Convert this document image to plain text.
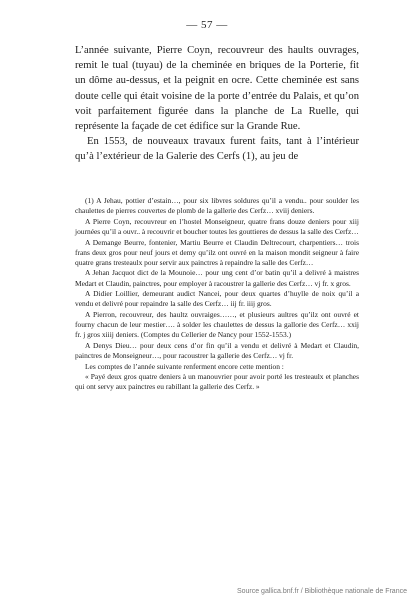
— 57 —

L’année suivante, Pierre Coyn, recouvreur des haults ouvrages, remit le tual (tuyau) de la cheminée en briques de la Porterie, fit un dôme au-dessus, et la peignit en ocre. Cette cheminée est sans doute celle qui était voisine de la porte d’entrée du Palais, et qu’on voit parfaitement figurée dans la planche de La Ruelle, qui représente la façade de cet édifice sur la Grande Rue.

En 1553, de nouveaux travaux furent faits, tant à l’intérieur qu’à l’extérieur de la Galerie des Cerfs (1), au jeu de

(1) A Jehau, pottier d’estain…, pour six libvres soldures qu’il a vendu.. pour soulder les chaulettes de pierres couvertes de plomb de la gallerie des Cerfz… xviij deniers.

A Pierre Coyn, recouvreur en l’hostel Monseigneur, quatre frans douze deniers pour xiij journées qu’il a ouvr.. à recouvrir et boucher toutes les gouttieres de dessus la salle des Cerfz…

A Demange Beurre, fontenier, Martiu Beurre et Claudin Deltrecourt, charpentiers… trois frans deux gros pour neuf jours et demy qu’ilz ont ouvré en la maison mondit seigneur à faire quatre grans tresteaulx pour servir aux painctres à repaindre la salle des Cerfz…

A Jehan Jacquot dict de la Mounoie… pour ung cent d’or batin qu’il a delivré à maistres Medart et Claudin, painctres, pour employer à racoustrer la gallerie des Cerfz… vj fr. x gros.

A Didier Loillier, demeurant audict Nancei, pour deux quartes d’huylle de noix qu’il a vendu et delivré pour repaindre la salle des Cerfz… iij fr. iiij gros.

A Pierron, recouvreur, des haultz ouvraiges……, et plusieurs aultres qu’ilz ont ouvré et fourny chacun de leur mestier…. à solder les chaulettes de dessus la gallorie des Cerfz… xxij fr. j gros xiiij deniers. (Comptes du Cellerier de Nancy pour 1552-1553.)

A Denys Dieu… pour deux cens d’or fin qu’il a vendu et delivré à Medart et Claudin, painctres de Monseigneur…, pour racoustrer la gallerie des Cerfz… vj fr.

Les comptes de l’année suivante renferment encore cette mention :

« Payé deux gros quatre deniers à un manouvrier pour avoir porté les tresteaulx et planches qui ont servy aux painctres eu rabillant la gallerie des Cerfz. »

Source gallica.bnf.fr / Bibliothèque nationale de France
